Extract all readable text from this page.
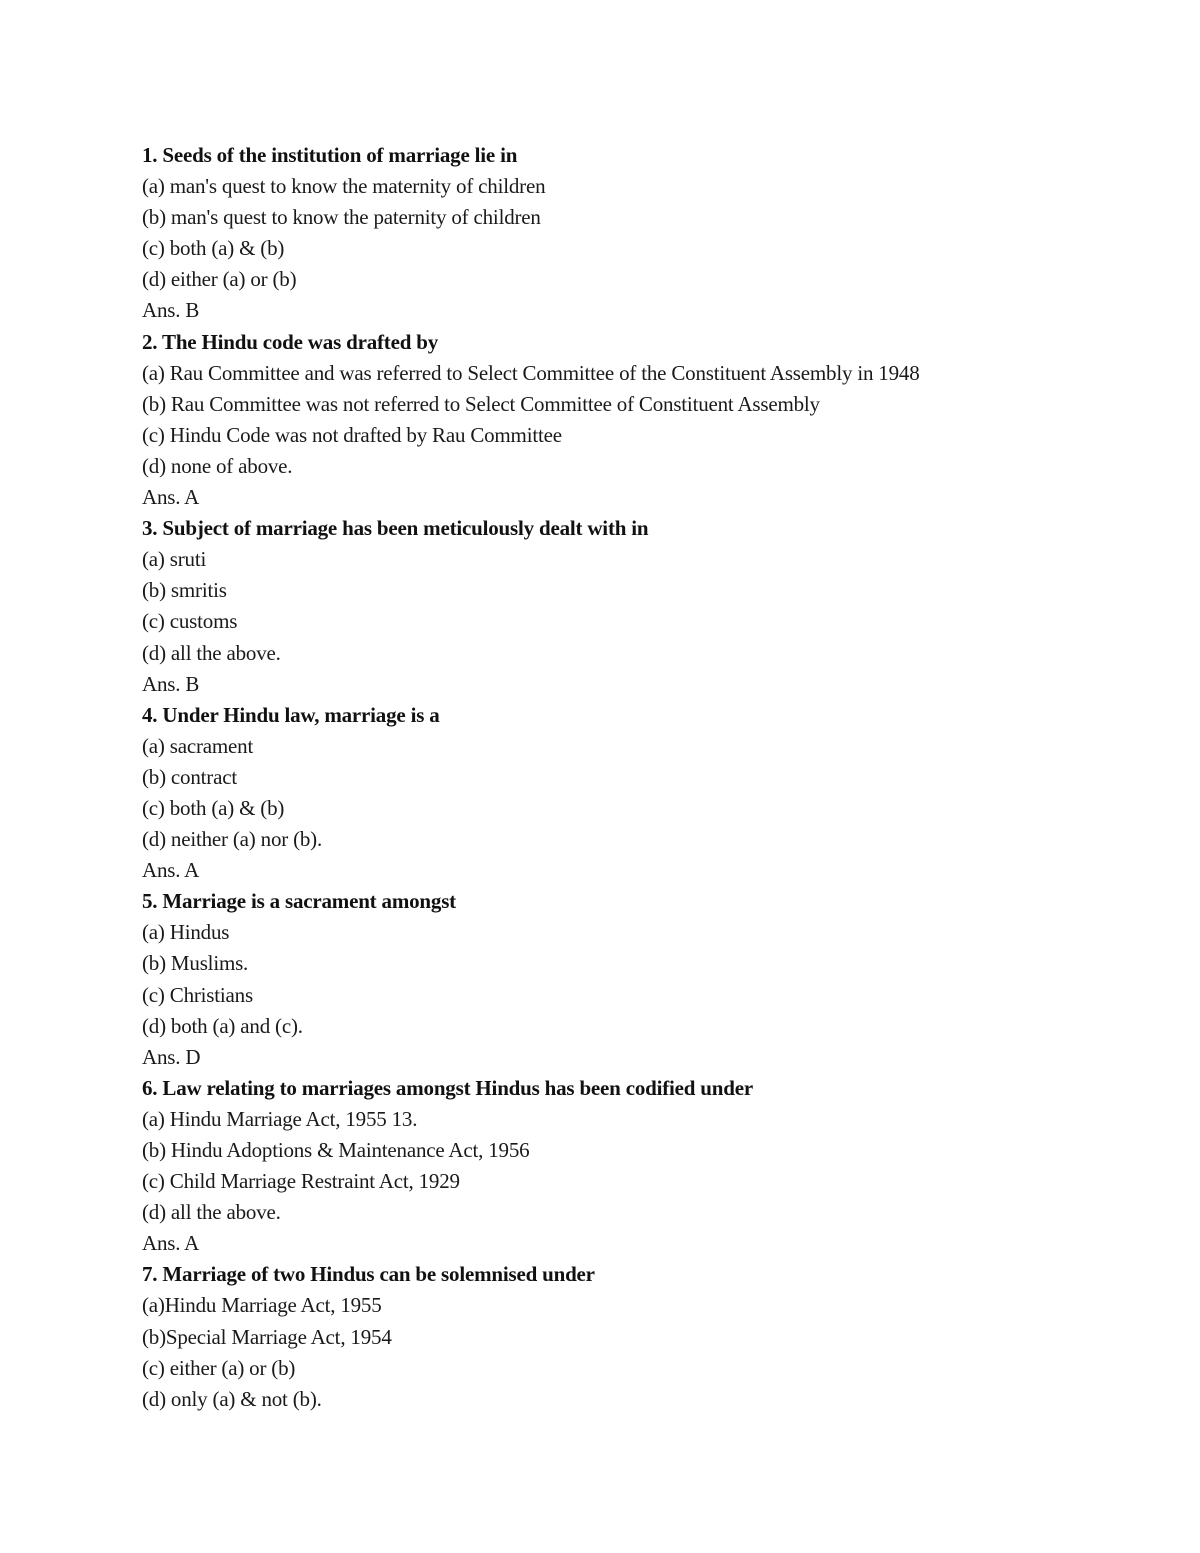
1. Seeds of the institution of marriage lie in
(a) man's quest to know the maternity of children
(b) man's quest to know the paternity of children
(c) both (a) & (b)
(d) either (a) or (b)
Ans. B
2. The Hindu code was drafted by
(a) Rau Committee and was referred to Select Committee of the Constituent Assembly in 1948
(b) Rau Committee was not referred to Select Committee of Constituent Assembly
(c) Hindu Code was not drafted by Rau Committee
(d) none of above.
Ans. A
3. Subject of marriage has been meticulously dealt with in
(a) sruti
(b) smritis
(c) customs
(d) all the above.
Ans. B
4. Under Hindu law, marriage is a
(a) sacrament
(b) contract
(c) both (a) & (b)
(d) neither (a) nor (b).
Ans. A
5. Marriage is a sacrament amongst
(a) Hindus
(b) Muslims.
(c) Christians
(d) both (a) and (c).
Ans. D
6. Law relating to marriages amongst Hindus has been codified under
(a) Hindu Marriage Act, 1955 13.
(b) Hindu Adoptions & Maintenance Act, 1956
(c) Child Marriage Restraint Act, 1929
(d) all the above.
Ans. A
7. Marriage of two Hindus can be solemnised under
(a)Hindu Marriage Act, 1955
(b)Special Marriage Act, 1954
(c) either (a) or (b)
(d) only (a) & not (b).
